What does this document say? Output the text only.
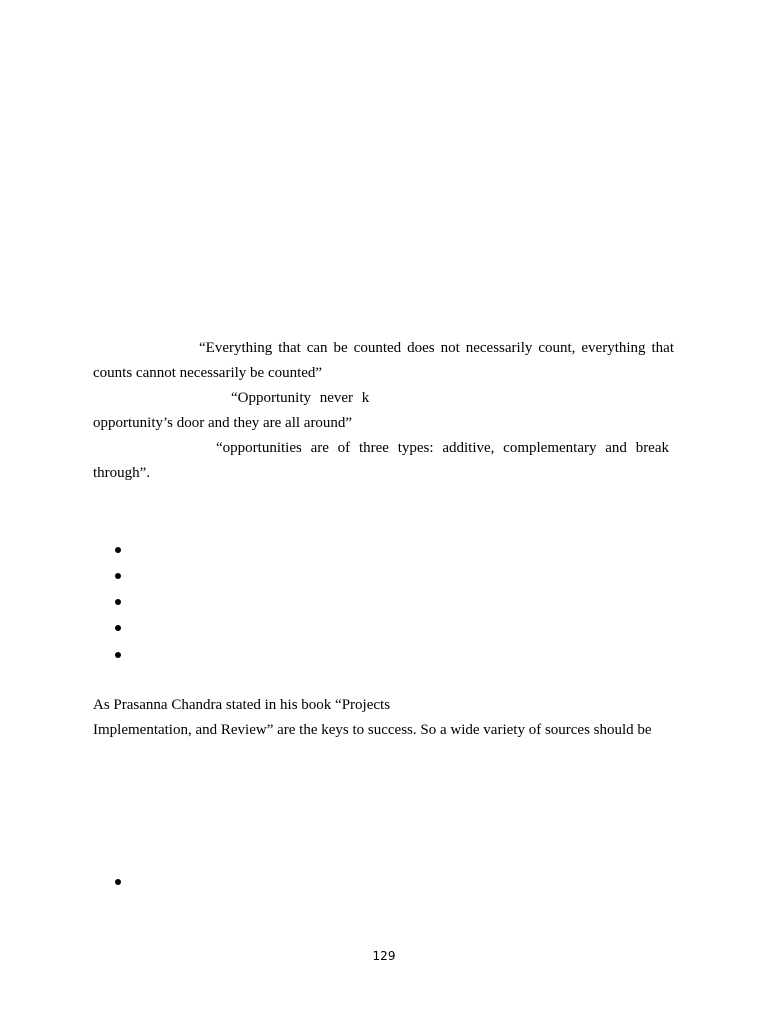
“Everything that can be counted does not necessarily count, everything that
counts cannot necessarily be counted”
“Opportunity never k
opportunity’s door and they are all around”
“opportunities are of three types: additive, complementary and break
through”.
As Prasanna Chandra stated in his book “Projects
Implementation, and Review” are the keys to success. So a wide variety of sources should be
129
